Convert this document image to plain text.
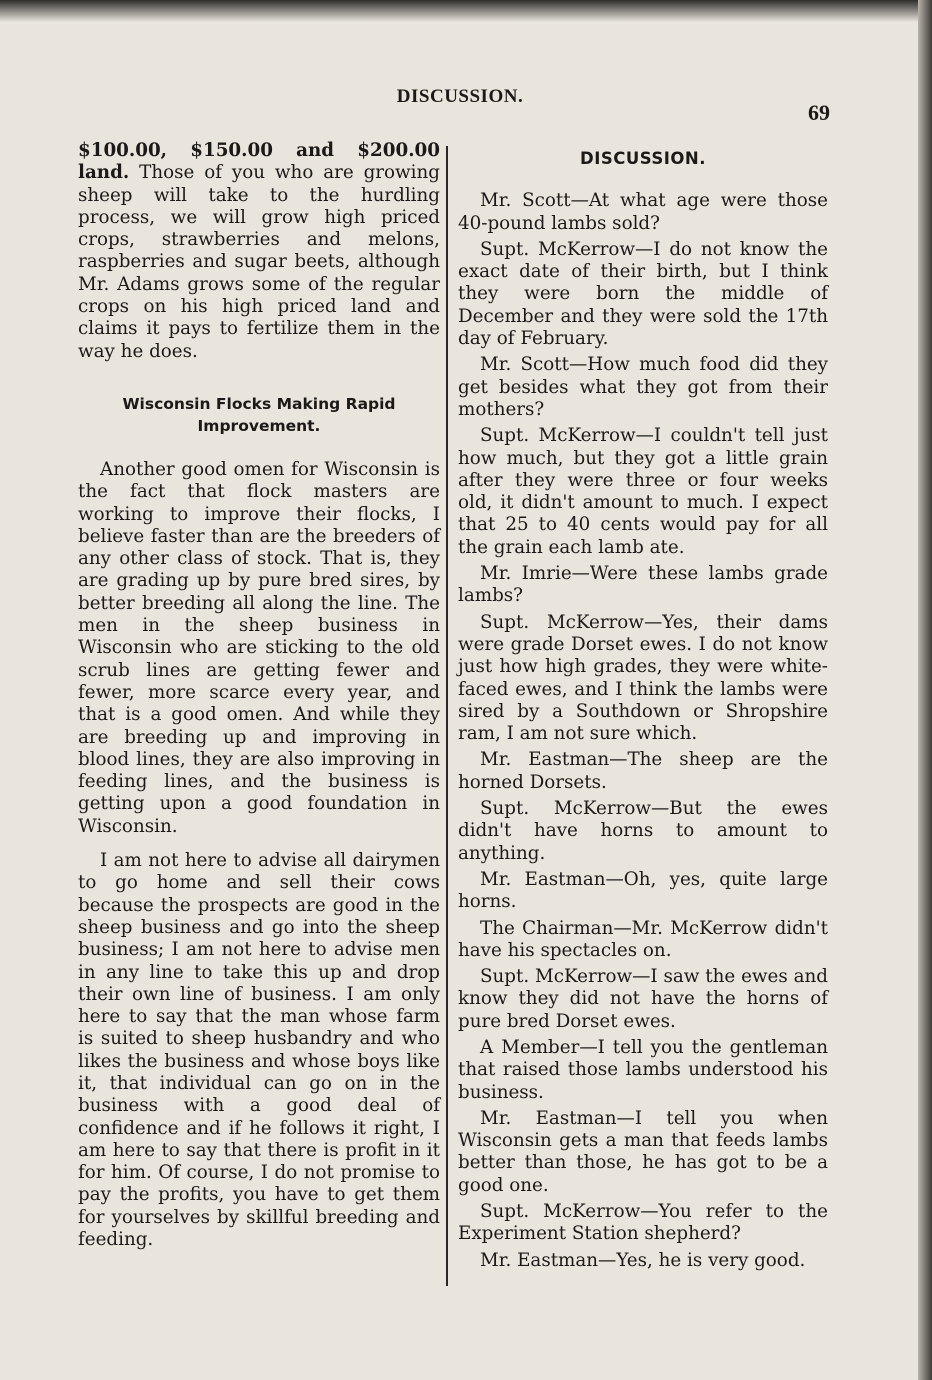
DISCUSSION.
69

$100.00, $150.00 and $200.00 land. Those of you who are growing sheep will take to the hurdling process, we will grow high priced crops, strawberries and melons, raspberries and sugar beets, although Mr. Adams grows some of the regular crops on his high priced land and claims it pays to fertilize them in the way he does.

Wisconsin Flocks Making Rapid Improvement.

Another good omen for Wisconsin is the fact that flock masters are working to improve their flocks, I believe faster than are the breeders of any other class of stock. That is, they are grading up by pure bred sires, by better breeding all along the line. The men in the sheep business in Wisconsin who are sticking to the old scrub lines are getting fewer and fewer, more scarce every year, and that is a good omen. And while they are breeding up and improving in blood lines, they are also improving in feeding lines, and the business is getting upon a good foundation in Wisconsin.

I am not here to advise all dairymen to go home and sell their cows because the prospects are good in the sheep business and go into the sheep business; I am not here to advise men in any line to take this up and drop their own line of business. I am only here to say that the man whose farm is suited to sheep husbandry and who likes the business and whose boys like it, that individual can go on in the business with a good deal of confidence and if he follows it right, I am here to say that there is profit in it for him. Of course, I do not promise to pay the profits, you have to get them for yourselves by skillful breeding and feeding.

DISCUSSION.

Mr. Scott—At what age were those 40-pound lambs sold?

Supt. McKerrow—I do not know the exact date of their birth, but I think they were born the middle of December and they were sold the 17th day of February.

Mr. Scott—How much food did they get besides what they got from their mothers?

Supt. McKerrow—I couldn't tell just how much, but they got a little grain after they were three or four weeks old, it didn't amount to much. I expect that 25 to 40 cents would pay for all the grain each lamb ate.

Mr. Imrie—Were these lambs grade lambs?

Supt. McKerrow—Yes, their dams were grade Dorset ewes. I do not know just how high grades, they were white-faced ewes, and I think the lambs were sired by a Southdown or Shropshire ram, I am not sure which.

Mr. Eastman—The sheep are the horned Dorsets.

Supt. McKerrow—But the ewes didn't have horns to amount to anything.

Mr. Eastman—Oh, yes, quite large horns.

The Chairman—Mr. McKerrow didn't have his spectacles on.

Supt. McKerrow—I saw the ewes and know they did not have the horns of pure bred Dorset ewes.

A Member—I tell you the gentleman that raised those lambs understood his business.

Mr. Eastman—I tell you when Wisconsin gets a man that feeds lambs better than those, he has got to be a good one.

Supt. McKerrow—You refer to the Experiment Station shepherd?

Mr. Eastman—Yes, he is very good.
